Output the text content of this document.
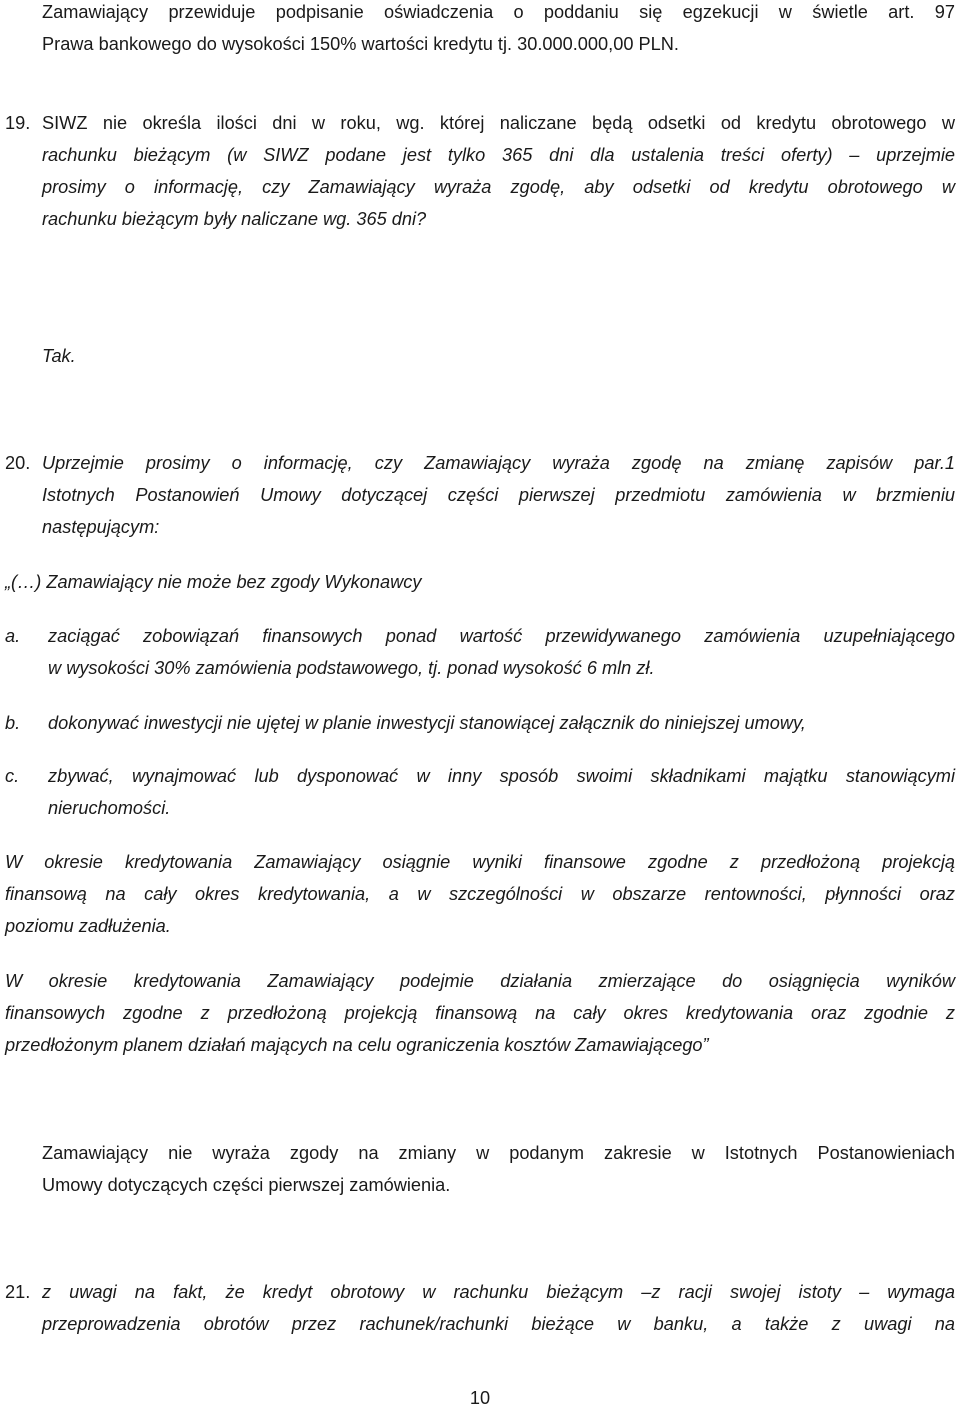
Zamawiający przewiduje podpisanie oświadczenia o poddaniu się egzekucji w świetle art. 97
Prawa bankowego do wysokości 150% wartości kredytu tj. 30.000.000,00 PLN.
19. SIWZ nie określa ilości dni w roku, wg. której naliczane będą odsetki od kredytu obrotowego w
rachunku bieżącym (w SIWZ podane jest tylko 365 dni dla ustalenia treści oferty) – uprzejmie
prosimy o informację, czy Zamawiający wyraża zgodę, aby odsetki od kredytu obrotowego w
rachunku bieżącym były naliczane wg. 365 dni?
Tak.
20. Uprzejmie prosimy o informację, czy Zamawiający wyraża zgodę na zmianę zapisów par.1
Istotnych Postanowień Umowy dotyczącej części pierwszej przedmiotu zamówienia w brzmieniu
następującym:
„(…) Zamawiający nie może bez zgody Wykonawcy
a. zaciągać zobowiązań finansowych ponad wartość przewidywanego zamówienia uzupełniającego
w wysokości 30% zamówienia podstawowego, tj. ponad wysokość 6 mln zł.
b. dokonywać inwestycji nie ujętej w planie inwestycji stanowiącej załącznik do niniejszej umowy,
c. zbywać, wynajmować lub dysponować w inny sposób swoimi składnikami majątku stanowiącymi
nieruchomości.
W okresie kredytowania Zamawiający osiągnie wyniki finansowe zgodne z przedłożoną projekcją
finansową na cały okres kredytowania, a w szczególności w obszarze rentowności, płynności oraz
poziomu zadłużenia.
W okresie kredytowania Zamawiający podejmie działania zmierzające do osiągnięcia wyników
finansowych zgodne z przedłożoną projekcją finansową na cały okres kredytowania oraz zgodnie z
przedłożonym planem działań mających na celu ograniczenia kosztów Zamawiającego”
Zamawiający nie wyraża zgody na zmiany w podanym zakresie w Istotnych Postanowieniach
Umowy dotyczących części pierwszej zamówienia.
21. z uwagi na fakt, że kredyt obrotowy w rachunku bieżącym –z racji swojej istoty – wymaga
przeprowadzenia obrotów przez rachunek/rachunki bieżące w banku, a także z uwagi na
10
